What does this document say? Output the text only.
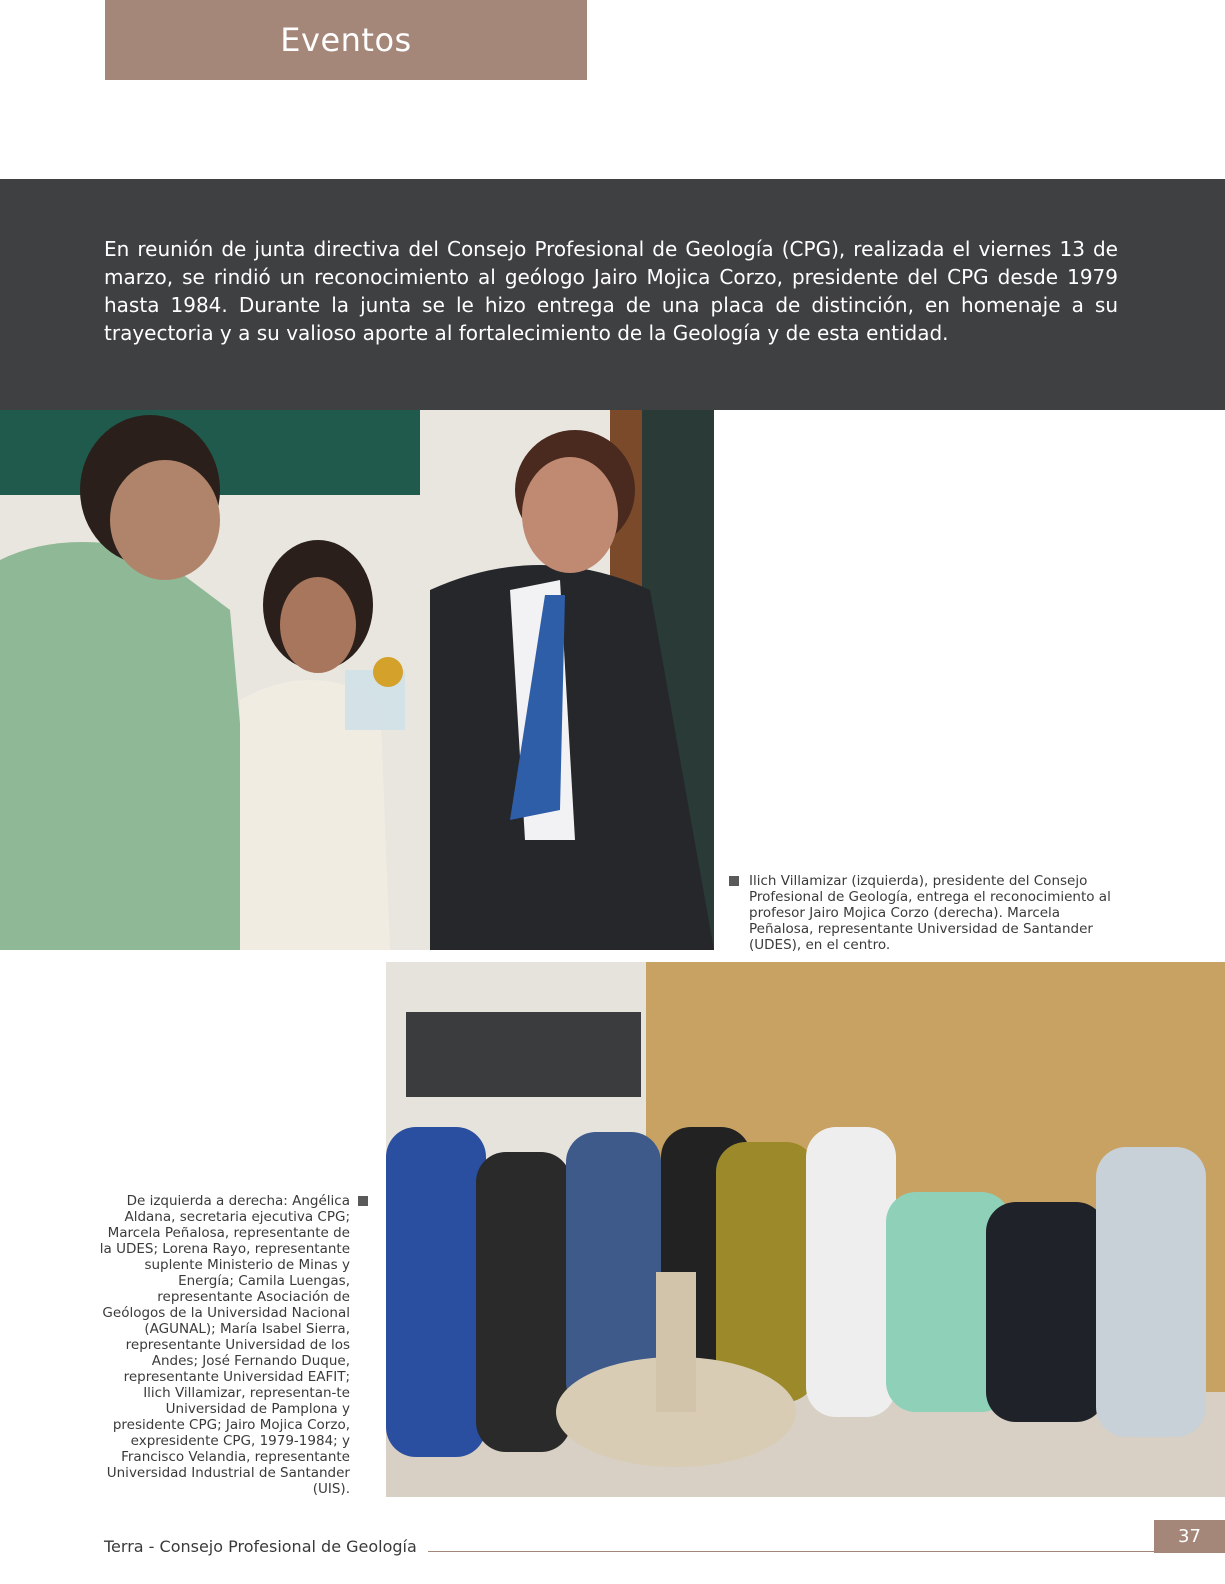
Eventos

En reunión de junta directiva del Consejo Profesional de Geología (CPG), realizada el viernes 13 de marzo, se rindió un reconocimiento al geólogo Jairo Mojica Corzo, presidente del CPG desde 1979 hasta 1984. Durante la junta se le hizo entrega de una placa de distinción, en homenaje a su trayectoria y a su valioso aporte al fortalecimiento de la Geología y de esta entidad.

Ilich Villamizar (izquierda), presidente del Consejo Profesional de Geología, entrega el reconocimiento al profesor Jairo Mojica Corzo (derecha). Marcela Peñalosa, representante Universidad de Santander (UDES), en el centro.

De izquierda a derecha: Angélica Aldana, secretaria ejecutiva CPG; Marcela Peñalosa, representante de la UDES; Lorena Rayo, representante suplente Ministerio de Minas y Energía; Camila Luengas, representante Asociación de Geólogos de la Universidad Nacional (AGUNAL); María Isabel Sierra, representante Universidad de los Andes; José Fernando Duque, representante Universidad EAFIT; Ilich Villamizar, representan-te Universidad de Pamplona y presidente CPG; Jairo Mojica Corzo, expresidente CPG, 1979-1984; y Francisco Velandia, representante Universidad Industrial de Santander (UIS).

Terra - Consejo Profesional de Geología	37
